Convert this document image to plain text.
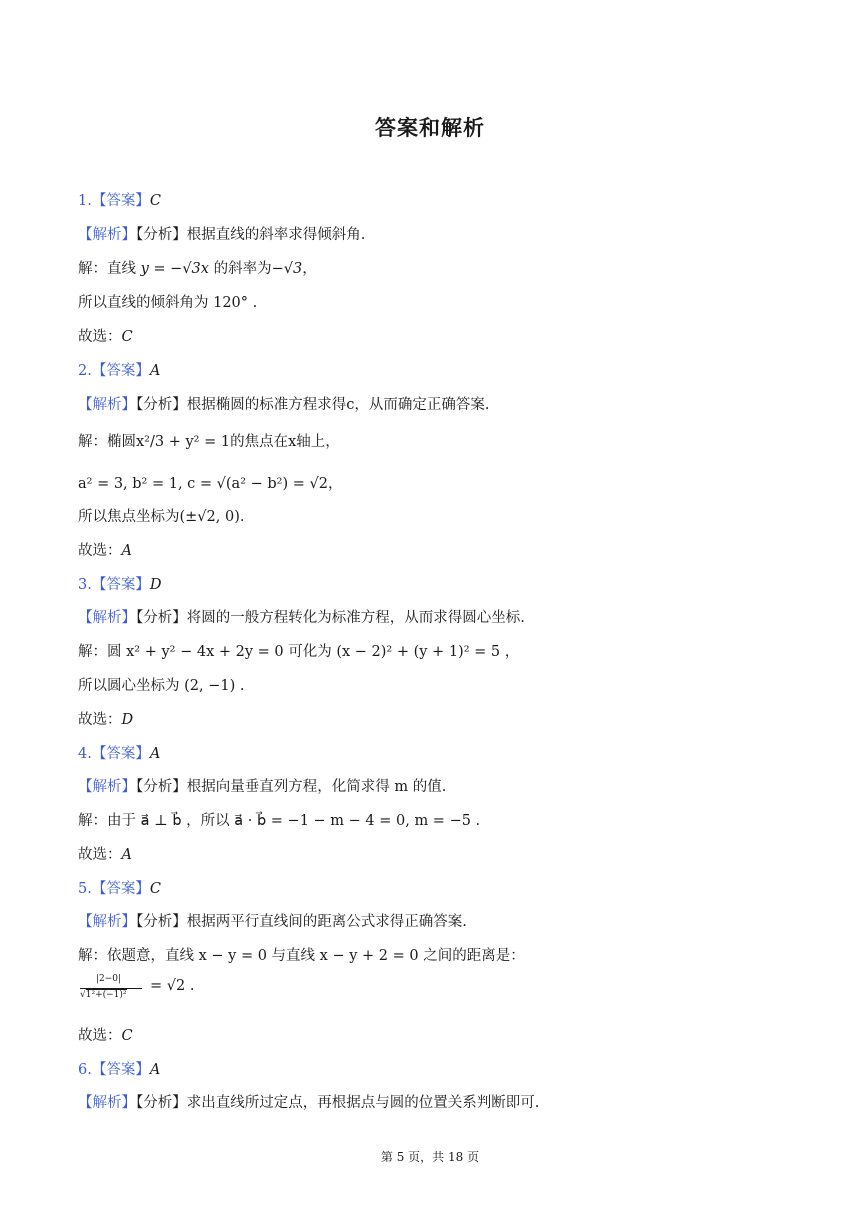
答案和解析
1.【答案】C
【解析】【分析】根据直线的斜率求得倾斜角.
解：直线 y = −√3x 的斜率为−√3，
所以直线的倾斜角为 120° .
故选：C
2.【答案】A
【解析】【分析】根据椭圆的标准方程求得c，从而确定正确答案.
解：椭圆x²/3 + y² = 1的焦点在x轴上，
a² = 3, b² = 1, c = √(a² − b²) = √2，
所以焦点坐标为(±√2, 0).
故选：A
3.【答案】D
【解析】【分析】将圆的一般方程转化为标准方程，从而求得圆心坐标.
解：圆 x² + y² − 4x + 2y = 0 可化为 (x − 2)² + (y + 1)² = 5 ，
所以圆心坐标为 (2, −1) .
故选：D
4.【答案】A
【解析】【分析】根据向量垂直列方程，化简求得 m 的值.
解：由于 a⃗ ⊥ b⃗ ，所以 a⃗ · b⃗ = −1 − m − 4 = 0, m = −5 .
故选：A
5.【答案】C
【解析】【分析】根据两平行直线间的距离公式求得正确答案.
解：依题意，直线 x − y = 0 与直线 x − y + 2 = 0 之间的距离是：
|2−0|
√1²+(−1)²
= √2 .
故选：C
6.【答案】A
【解析】【分析】求出直线所过定点，再根据点与圆的位置关系判断即可.
第 5 页，共 18 页
